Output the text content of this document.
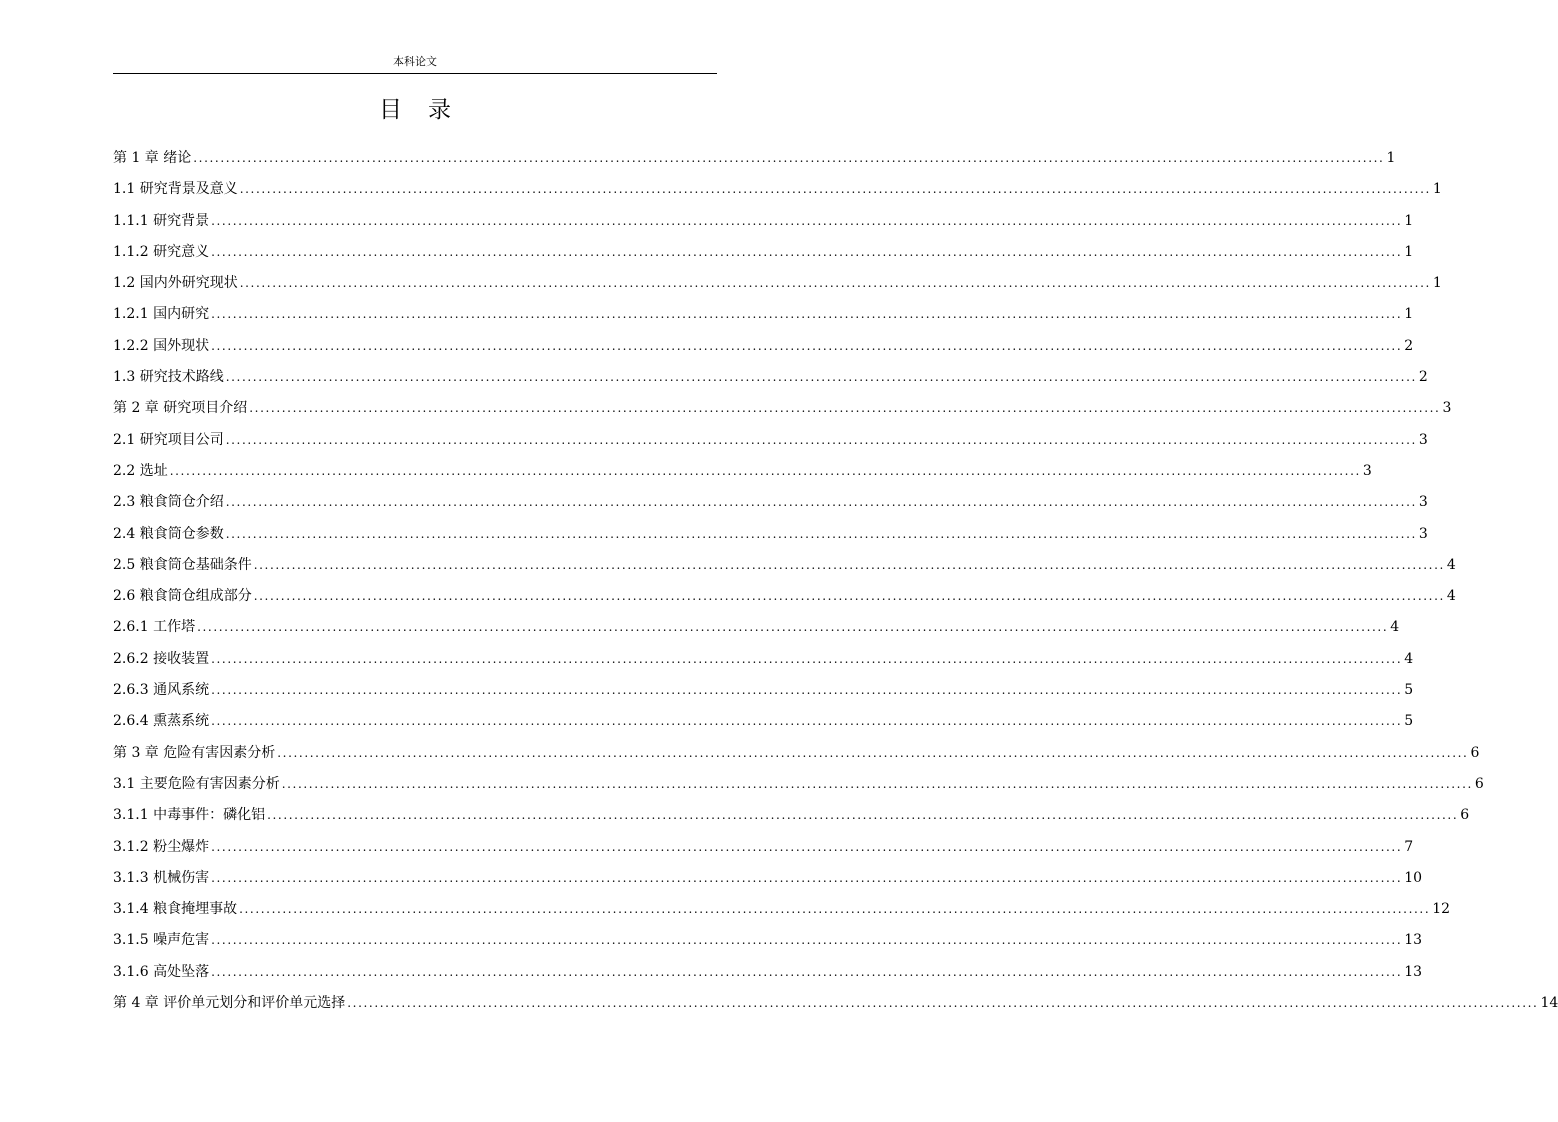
本科论文
目 录
第 1 章 绪论 ............................................................................................................................................................................................................................ 1
1.1 研究背景及意义 ............................................................................................................................................................................................................................ 1
1.1.1 研究背景 ............................................................................................................................................................................................................................ 1
1.1.2 研究意义 ............................................................................................................................................................................................................................ 1
1.2 国内外研究现状 ............................................................................................................................................................................................................................ 1
1.2.1 国内研究 ............................................................................................................................................................................................................................ 1
1.2.2 国外现状 ............................................................................................................................................................................................................................ 2
1.3 研究技术路线 ............................................................................................................................................................................................................................ 2
第 2 章 研究项目介绍 ............................................................................................................................................................................................................................ 3
2.1 研究项目公司 ............................................................................................................................................................................................................................ 3
2.2 选址 ............................................................................................................................................................................................................................ 3
2.3 粮食筒仓介绍 ............................................................................................................................................................................................................................ 3
2.4 粮食筒仓参数 ............................................................................................................................................................................................................................ 3
2.5 粮食筒仓基础条件 ............................................................................................................................................................................................................................ 4
2.6 粮食筒仓组成部分 ............................................................................................................................................................................................................................ 4
2.6.1 工作塔 ............................................................................................................................................................................................................................ 4
2.6.2 接收装置 ............................................................................................................................................................................................................................ 4
2.6.3 通风系统 ............................................................................................................................................................................................................................ 5
2.6.4 熏蒸系统 ............................................................................................................................................................................................................................ 5
第 3 章 危险有害因素分析 ............................................................................................................................................................................................................................ 6
3.1 主要危险有害因素分析 ............................................................................................................................................................................................................................ 6
3.1.1 中毒事件：磷化铝 ............................................................................................................................................................................................................................ 6
3.1.2 粉尘爆炸 ............................................................................................................................................................................................................................ 7
3.1.3 机械伤害 ............................................................................................................................................................................................................................ 10
3.1.4 粮食掩埋事故 ............................................................................................................................................................................................................................ 12
3.1.5 噪声危害 ............................................................................................................................................................................................................................ 13
3.1.6 高处坠落 ............................................................................................................................................................................................................................ 13
第 4 章 评价单元划分和评价单元选择 ............................................................................................................................................................................................................................ 14
